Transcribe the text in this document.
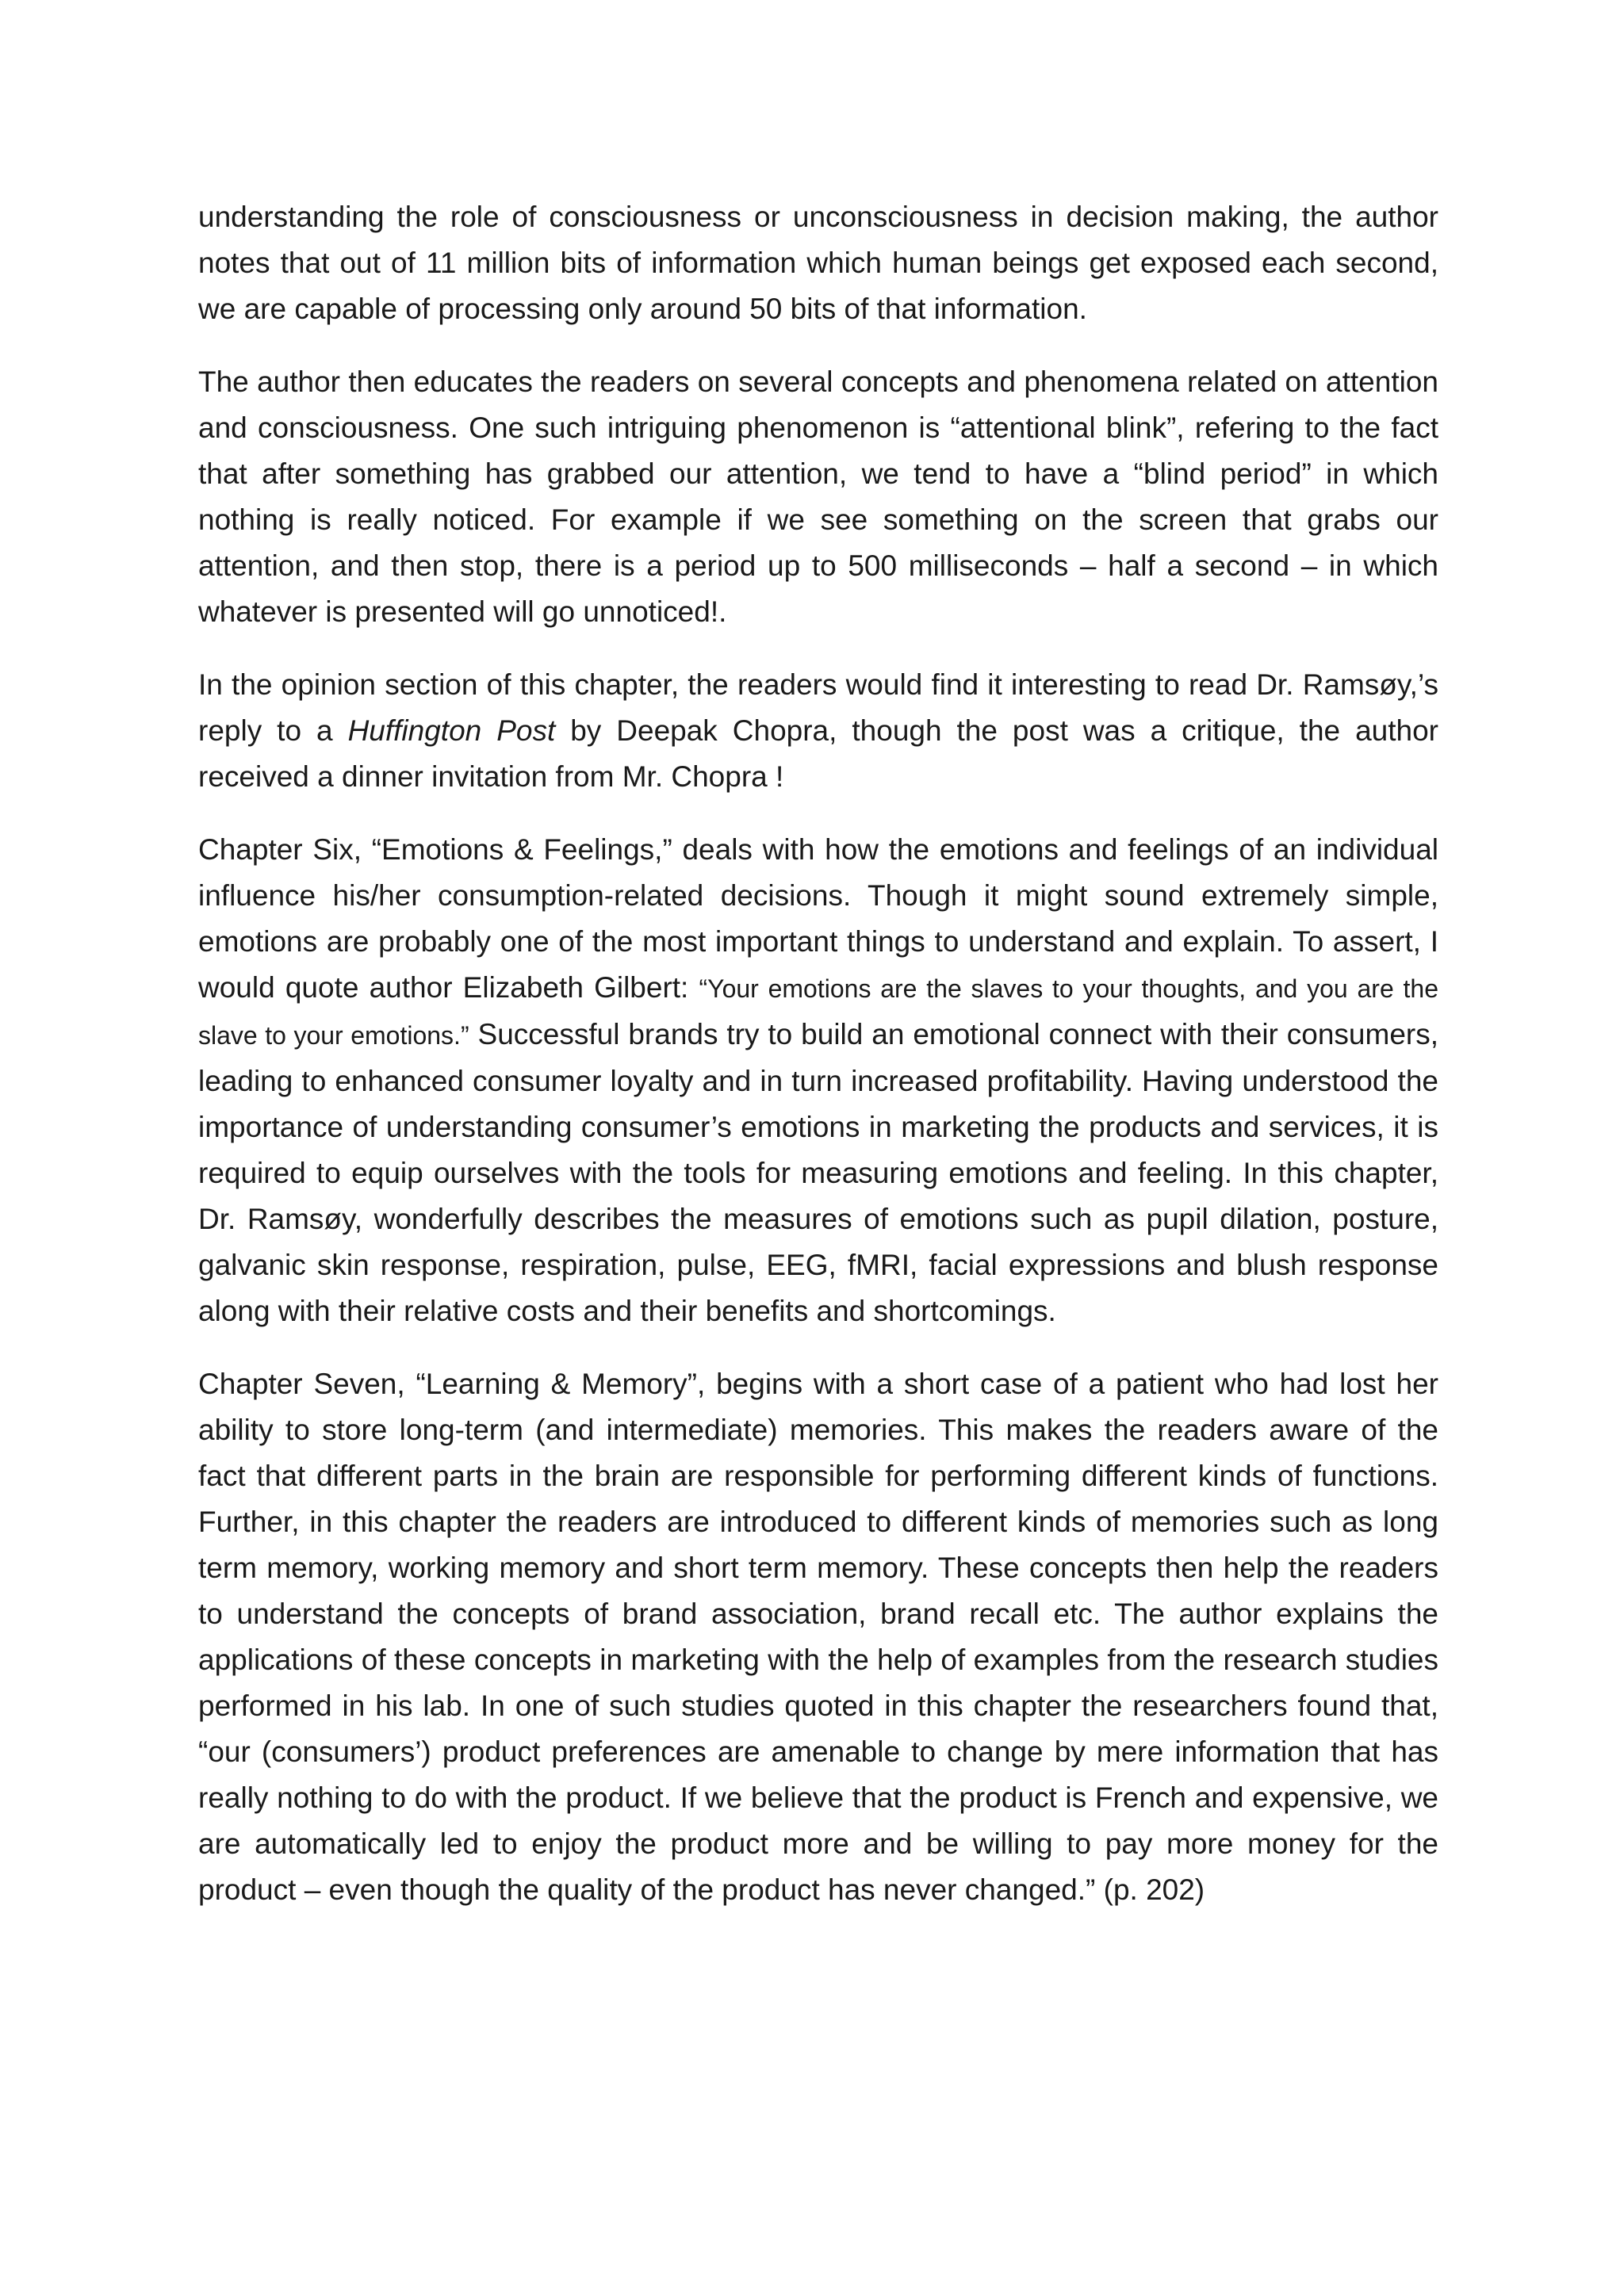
understanding the role of consciousness or unconsciousness in decision making, the author notes that out of 11 million bits of information which human beings get exposed each second, we are capable of processing only around 50 bits of that information.

The author then educates the readers on several concepts and phenomena related on attention and consciousness. One such intriguing phenomenon is “attentional blink”, refering to the fact that after something has grabbed our attention, we tend to have a “blind period” in which nothing is really noticed. For example if we see something on the screen that grabs our attention, and then stop, there is a period up to 500 milliseconds – half a second – in which whatever is presented will go unnoticed!.

In the opinion section of this chapter, the readers would find it interesting to read Dr. Ramsøy,’s reply to a Huffington Post by Deepak Chopra, though the post was a critique, the author received a dinner invitation from Mr. Chopra !

Chapter Six, “Emotions & Feelings,” deals with how the emotions and feelings of an individual influence his/her consumption-related decisions. Though it might sound extremely simple, emotions are probably one of the most important things to understand and explain. To assert, I would quote author Elizabeth Gilbert: “Your emotions are the slaves to your thoughts, and you are the slave to your emotions.” Successful brands try to build an emotional connect with their consumers, leading to enhanced consumer loyalty and in turn increased profitability. Having understood the importance of understanding consumer’s emotions in marketing the products and services, it is required to equip ourselves with the tools for measuring emotions and feeling. In this chapter, Dr. Ramsøy, wonderfully describes the measures of emotions such as pupil dilation, posture, galvanic skin response, respiration, pulse, EEG, fMRI, facial expressions and blush response along with their relative costs and their benefits and shortcomings.

Chapter Seven, “Learning & Memory”, begins with a short case of a patient who had lost her ability to store long-term (and intermediate) memories. This makes the readers aware of the fact that different parts in the brain are responsible for performing different kinds of functions. Further, in this chapter the readers are introduced to different kinds of memories such as long term memory, working memory and short term memory. These concepts then help the readers to understand the concepts of brand association, brand recall etc. The author explains the applications of these concepts in marketing with the help of examples from the research studies performed in his lab. In one of such studies quoted in this chapter the researchers found that, “our (consumers’) product preferences are amenable to change by mere information that has really nothing to do with the product. If we believe that the product is French and expensive, we are automatically led to enjoy the product more and be willing to pay more money for the product – even though the quality of the product has never changed.” (p. 202)
